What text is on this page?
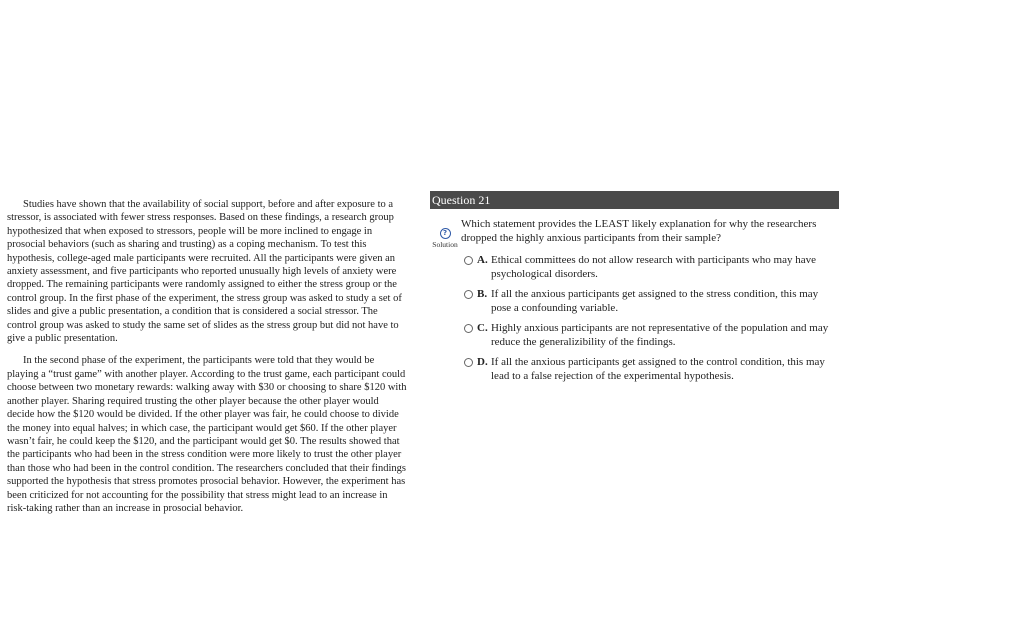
Studies have shown that the availability of social support, before and after exposure to a stressor, is associated with fewer stress responses. Based on these findings, a research group hypothesized that when exposed to stressors, people will be more inclined to engage in prosocial behaviors (such as sharing and trusting) as a coping mechanism. To test this hypothesis, college-aged male participants were recruited. All the participants were given an anxiety assessment, and five participants who reported unusually high levels of anxiety were dropped. The remaining participants were randomly assigned to either the stress group or the control group. In the first phase of the experiment, the stress group was asked to study a set of slides and give a public presentation, a condition that is considered a social stressor. The control group was asked to study the same set of slides as the stress group but did not have to give a public presentation.

In the second phase of the experiment, the participants were told that they would be playing a “trust game” with another player. According to the trust game, each participant could choose between two monetary rewards: walking away with $30 or choosing to share $120 with another player. Sharing required trusting the other player because the other player would decide how the $120 would be divided. If the other player was fair, he could choose to divide the money into equal halves; in which case, the participant would get $60. If the other player wasn’t fair, he could keep the $120, and the participant would get $0. The results showed that the participants who had been in the stress condition were more likely to trust the other player than those who had been in the control condition. The researchers concluded that their findings supported the hypothesis that stress promotes prosocial behavior. However, the experiment has been criticized for not accounting for the possibility that stress might lead to an increase in risk-taking rather than an increase in prosocial behavior.

Question 21
?
Solution
Which statement provides the LEAST likely explanation for why the researchers dropped the highly anxious participants from their sample?
A. Ethical committees do not allow research with participants who may have psychological disorders.
B. If all the anxious participants get assigned to the stress condition, this may pose a confounding variable.
C. Highly anxious participants are not representative of the population and may reduce the generalizibility of the findings.
D. If all the anxious participants get assigned to the control condition, this may lead to a false rejection of the experimental hypothesis.
